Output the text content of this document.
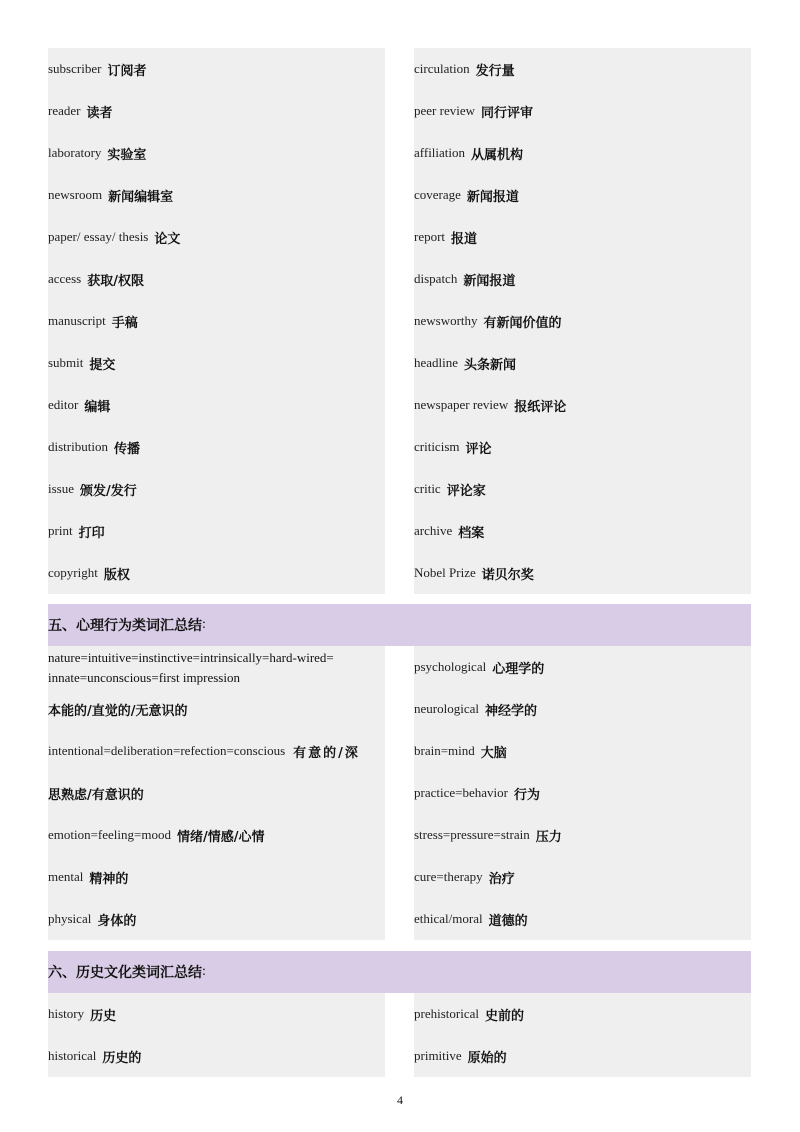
subscriber 订阅者
reader 读者
laboratory 实验室
newsroom 新闻编辑室
paper/ essay/ thesis 论文
access 获取/权限
manuscript 手稿
submit 提交
editor 编辑
distribution 传播
issue 颁发/发行
print 打印
copyright 版权
circulation 发行量
peer review 同行评审
affiliation 从属机构
coverage 新闻报道
report 报道
dispatch 新闻报道
newsworthy 有新闻价值的
headline 头条新闻
newspaper review 报纸评论
criticism 评论
critic 评论家
archive 档案
Nobel Prize 诺贝尔奖
五、心理行为类词汇总结 :
nature=intuitive=instinctive=intrinsically=hard-wired=
innate=unconscious=first impression
本能的/直觉的/无意识的
intentional=deliberation=refection=conscious 有意的/深
思熟虑/有意识的
emotion=feeling=mood 情绪/情感/心情
mental 精神的
physical 身体的
psychological 心理学的
neurological 神经学的
brain=mind 大脑
practice=behavior 行为
stress=pressure=strain 压力
cure=therapy 治疗
ethical/moral 道德的
六、历史文化类词汇总结 :
history 历史
historical 历史的
prehistorical 史前的
primitive 原始的
4
